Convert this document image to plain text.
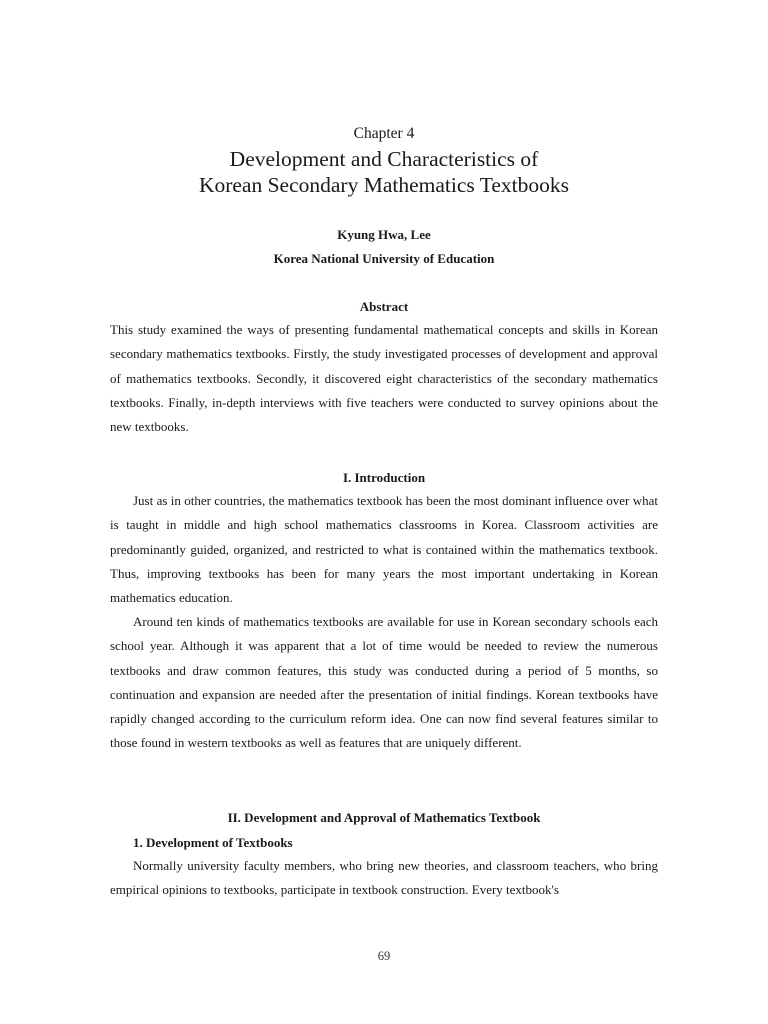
Chapter 4
Development and Characteristics of
Korean Secondary Mathematics Textbooks
Kyung Hwa, Lee
Korea National University of Education
Abstract

This study examined the ways of presenting fundamental mathematical concepts and skills in Korean secondary mathematics textbooks. Firstly, the study investigated processes of development and approval of mathematics textbooks. Secondly, it discovered eight characteristics of the secondary mathematics textbooks. Finally, in-depth interviews with five teachers were conducted to survey opinions about the new textbooks.

I. Introduction

Just as in other countries, the mathematics textbook has been the most dominant influence over what is taught in middle and high school mathematics classrooms in Korea. Classroom activities are predominantly guided, organized, and restricted to what is contained within the mathematics textbook. Thus, improving textbooks has been for many years the most important undertaking in Korean mathematics education.

Around ten kinds of mathematics textbooks are available for use in Korean secondary schools each school year. Although it was apparent that a lot of time would be needed to review the numerous textbooks and draw common features, this study was conducted during a period of 5 months, so continuation and expansion are needed after the presentation of initial findings. Korean textbooks have rapidly changed according to the curriculum reform idea. One can now find several features similar to those found in western textbooks as well as features that are uniquely different.

II. Development and Approval of Mathematics Textbook
1. Development of Textbooks

Normally university faculty members, who bring new theories, and classroom teachers, who bring empirical opinions to textbooks, participate in textbook construction. Every textbook's

69
